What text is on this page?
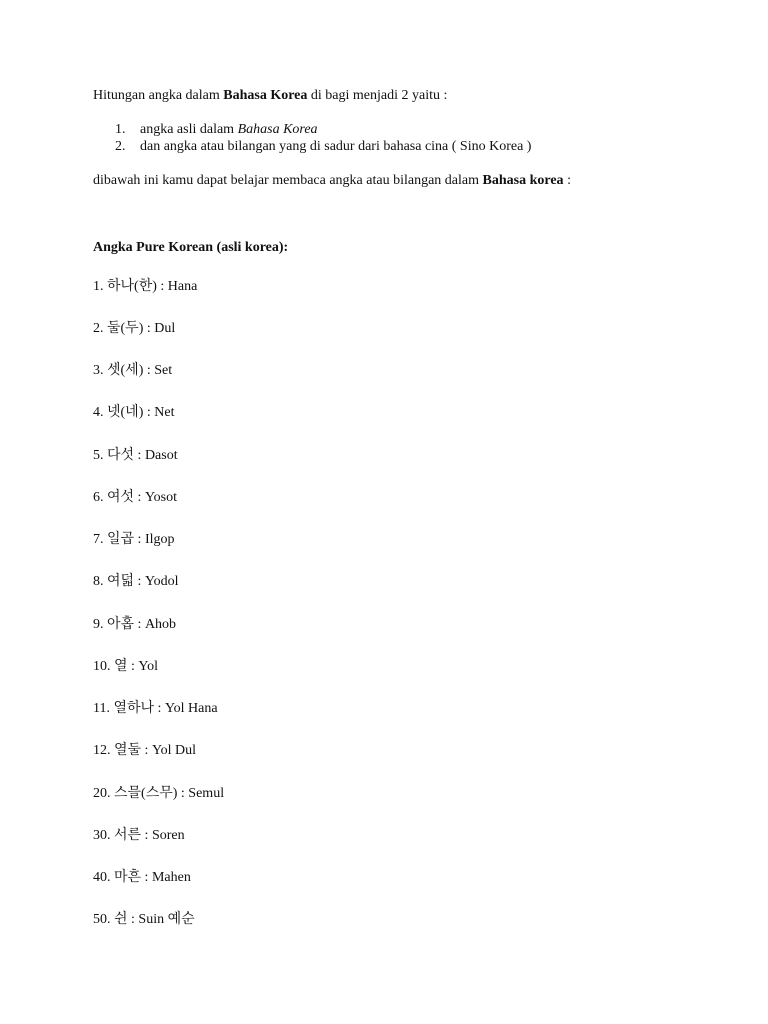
Hitungan angka dalam Bahasa Korea di bagi menjadi 2 yaitu :
1. angka asli dalam Bahasa Korea
2. dan angka atau bilangan yang di sadur dari bahasa cina ( Sino Korea )
dibawah ini kamu dapat belajar membaca angka atau bilangan dalam Bahasa korea :
Angka Pure Korean (asli korea):
1. 하나(한) : Hana
2. 둘(두) : Dul
3. 셋(세) : Set
4. 넷(네) : Net
5. 다섯 : Dasot
6. 여섯 : Yosot
7. 일곱 : Ilgop
8. 여덟 : Yodol
9. 아홉 : Ahob
10. 열 : Yol
11. 열하나 : Yol Hana
12. 열둘 : Yol Dul
20. 스믈(스무) : Semul
30. 서른 : Soren
40. 마흔 : Mahen
50. 쉰 : Suin 예순
